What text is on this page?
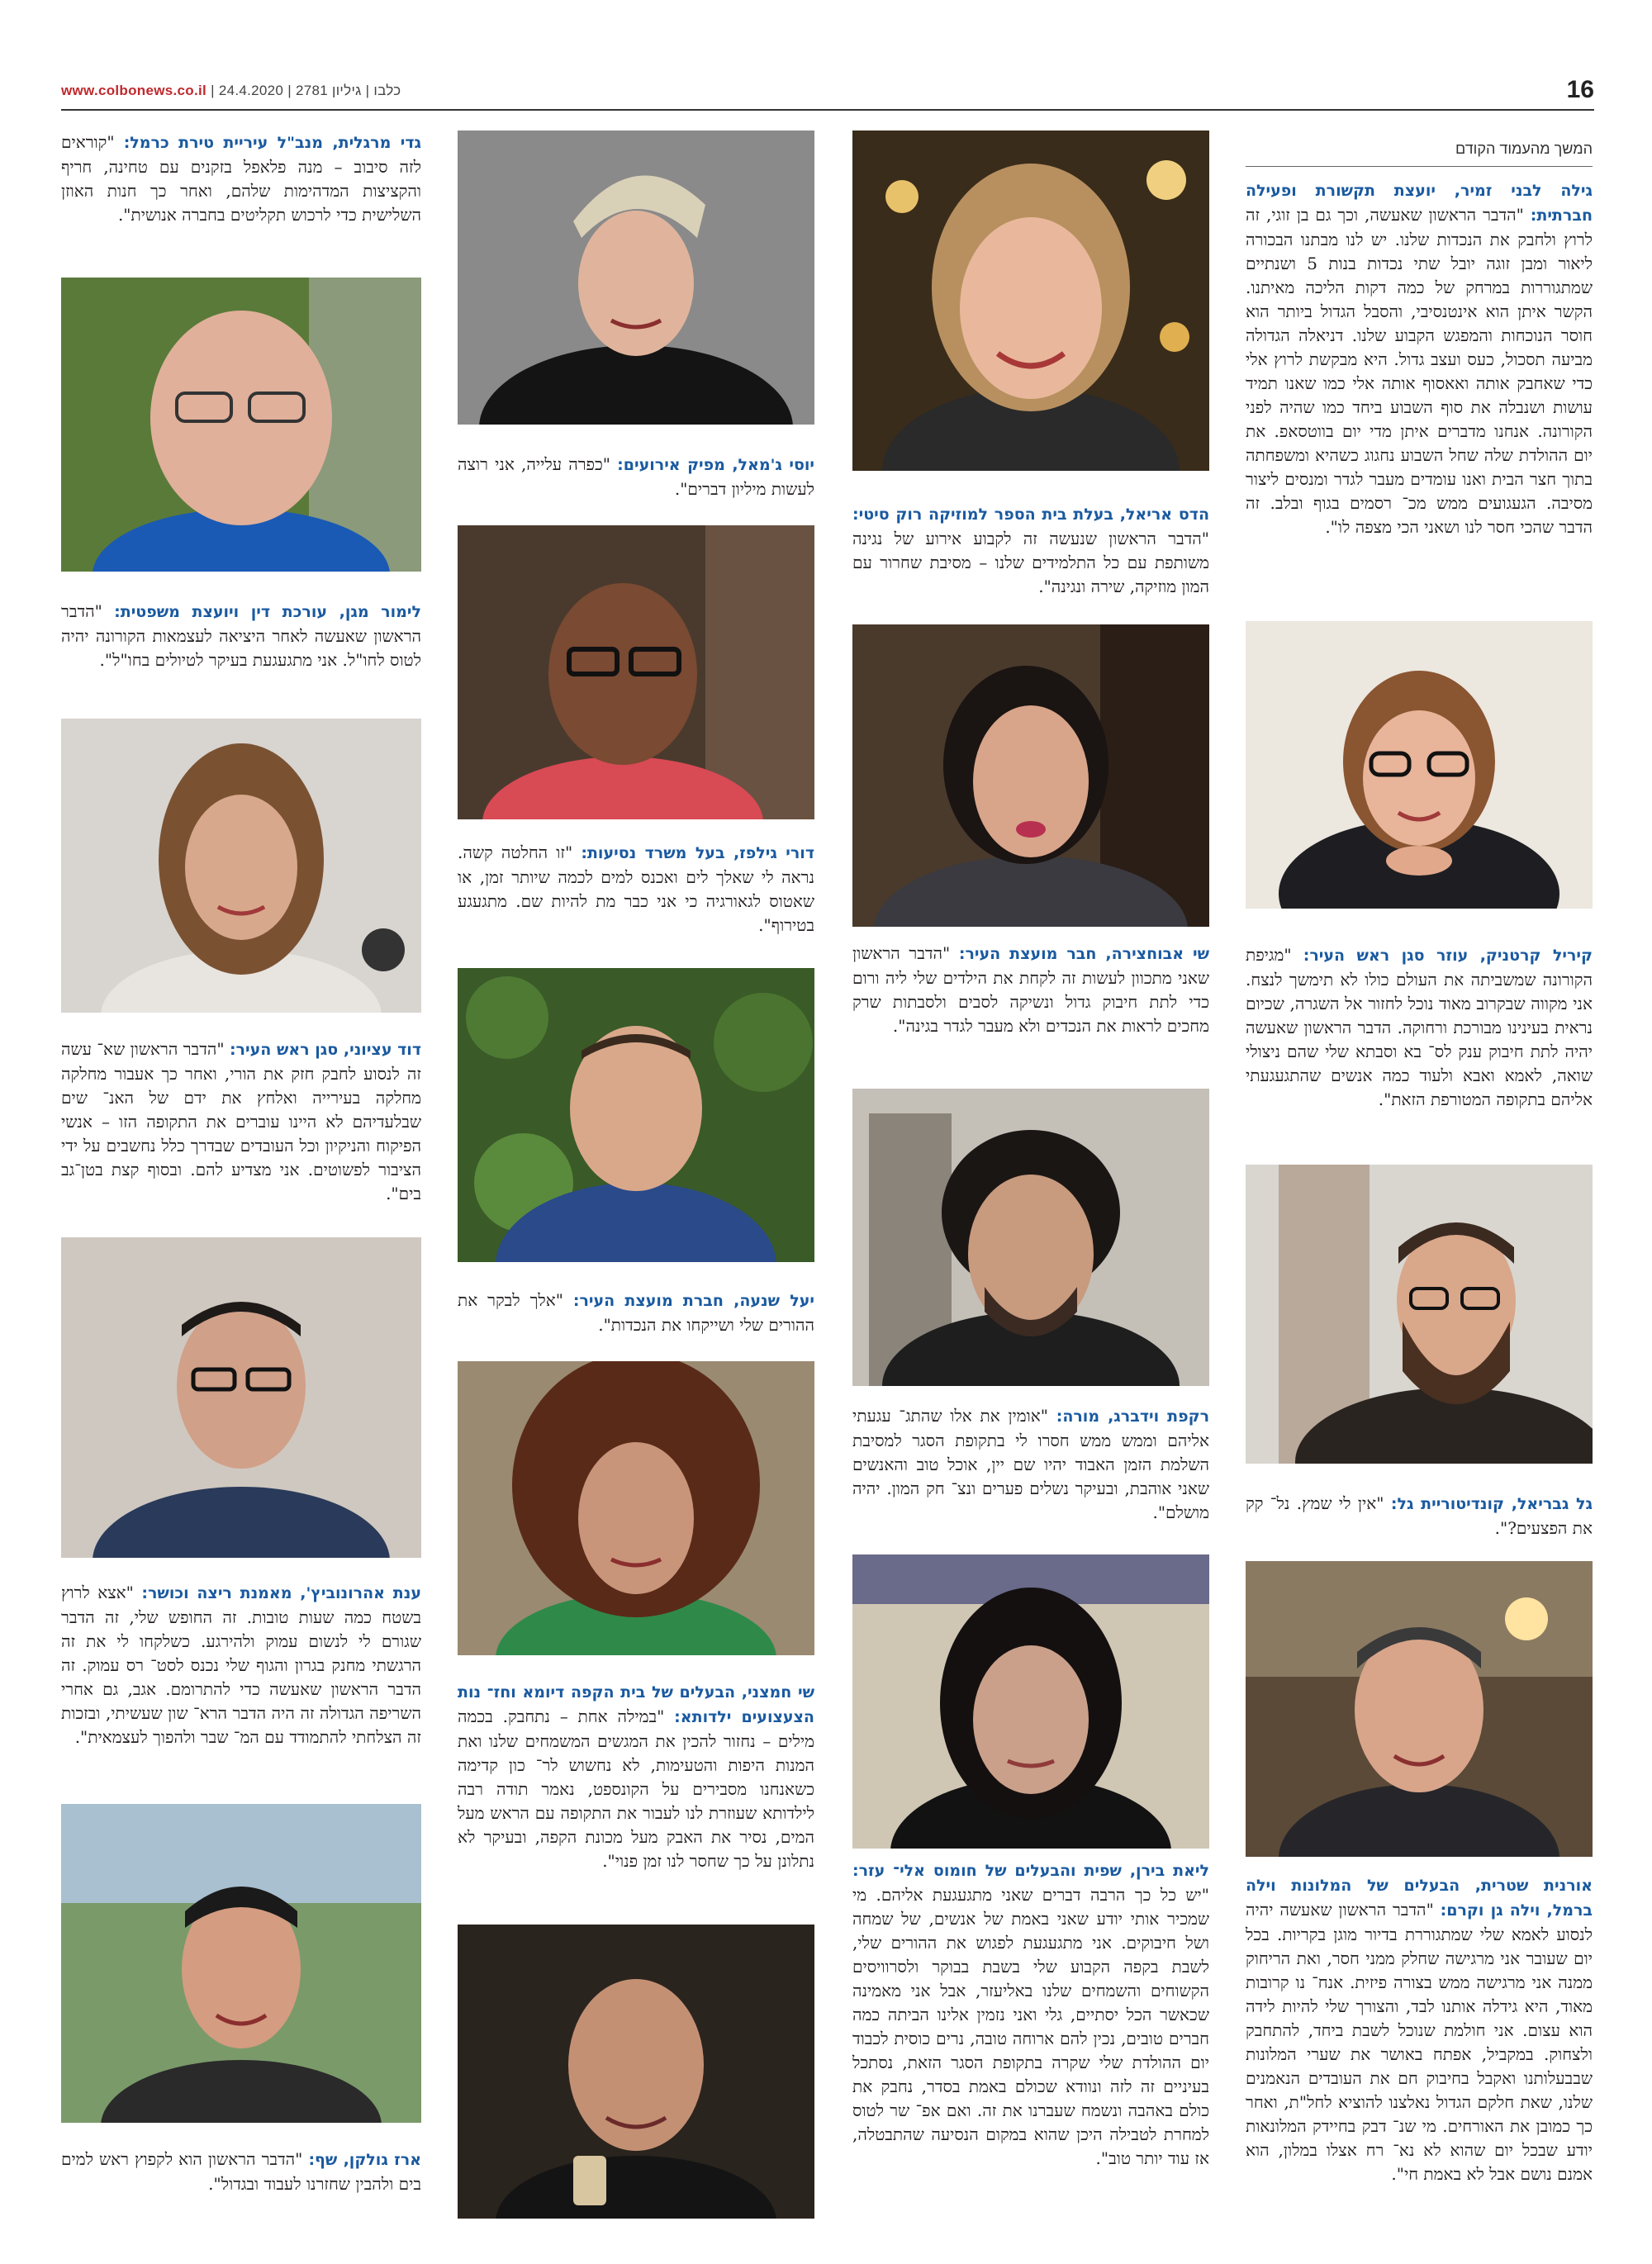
www.colbonews.co.il | כלבו | גיליון 2781 | 24.4.2020	16
המשך מהעמוד הקודם

גילה לבני זמיר, יועצת תקשורת ופעילה חברתית: "הדבר הראשון שאעשה, וכך גם בן זוגי, זה לרוץ ולחבק את הנכדות שלנו. יש לנו מבתנו הבכורה ליאור ומבן זוגה יובל שתי נכדות בנות 5 ושנתיים שמתגוררות במרחק של כמה דקות הליכה מאיתנו. הקשר איתן הוא אינטנסיבי, והסבל הגדול ביותר הוא חוסר הנוכחות והמפגש הקבוע שלנו. דניאלה הגדולה מביעה תסכול, כעס ועצב גדול. היא מבקשת לרוץ אלי כדי שאחבק אותה ואאסוף אותה אלי כמו שאנו תמיד עושות ושנבלה את סוף השבוע ביחד כמו שהיה לפני הקורונה. אנחנו מדברים איתן מדי יום בווטסאפ. את יום ההולדת שלה שחל השבוע נחגוג כשהיא ומשפחתה בתוך חצר הבית ואנו עומדים מעבר לגדר ומנסים ליצור מסיבה. הגעגועים ממש מכ־ רסמים בגוף ובלב. זה הדבר שהכי חסר לנו ושאני הכי מצפה לו".

קיריל קרטניק, עוזר סגן ראש העיר: "מגיפת הקורונה שמשביתה את העולם כולו לא תימשך לנצח. אני מקווה שבקרוב מאוד נוכל לחזור אל השגרה, שכיום נראית בעינינו מבורכת ורחוקה. הדבר הראשון שאעשה יהיה לתת חיבוק ענק לס־ בא וסבתא שלי שהם ניצולי שואה, לאמא ואבא ולעוד כמה אנשים שהתגעגעתי אליהם בתקופה המטורפת הזאת".

גל גבריאל, קונדיטוריית גל: "אין לי שמץ. נל־ קק את הפצעים?".

אורנית שטרית, הבעלים של המלונות וילה ברמל, וילה גן וקרם: "הדבר הראשון שאעשה יהיה לנסוע לאמא שלי שמתגוררת בדיור מוגן בקריות. בכל יום שעובר אני מרגישה שחלק ממני חסר, ואת הריחוק ממנה אני מרגישה ממש בצורה פיזית. אנח־ נו קרובות מאוד, היא גידלה אותנו לבד, והצורך שלי להיות לידה הוא עצום. אני חולמת שנוכל לשבת ביחד, להתחבק ולצחוק. במקביל, אפתח באושר את שערי המלונות שבבעלותנו ואקבל בחיבוק חם את העובדים הנאמנים שלנו, שאת חלקם הגדול נאלצנו להוציא לחל"ת, ואחר כך כמובן את האורחים. מי שנ־ דבק בחיידק המלונאות יודע שבכל יום שהוא לא נא־ רח אצלו במלון, הוא אמנם נושם אבל לא באמת חי".

הדס אריאל, בעלת בית הספר למוזיקה רוק סיטי: "הדבר הראשון שנעשה זה לקבוע אירוע של נגינה משותפת עם כל התלמידים שלנו – מסיבת שחרור עם המון מוזיקה, שירה ונגינה".

שי אבוחצירה, חבר מועצת העיר: "הדבר הראשון שאני מתכוון לעשות זה לקחת את הילדים שלי ליה ורום כדי לתת חיבוק גדול ונשיקה לסבים ולסבתות שרק מחכים לראות את הנכדים ולא מעבר לגדר בגינה".

רקפת וידברג, מורה: "אומין את אלו שהתג־ עגעתי אליהם וממש ממש חסרו לי בתקופת הסגר למסיבת השלמת הזמן האבוד יהיו שם יין, אוכל טוב והאנשים שאני אוהבת, ובעיקר נשלים פערים ונצ־ חק המון. יהיה מושלם".

ליאת בירן, שפית והבעלים של חומוס אלי־ עזר: "יש כל כך הרבה דברים שאני מתגעגעת אליהם. מי שמכיר אותי יודע שאני באמת של אנשים, של שמחה ושל חיבוקים. אני מתגעגעת לפגוש את ההורים שלי, לשבת בקפה הקבוע שלי בשבת בבוקר ולסרוויסים הקשוחים והשמחים שלנו באליעזר, אבל אני מאמינה שכאשר הכל יסתיים, גלי ואני נזמין אלינו הביתה כמה חברים טובים, נכין להם ארוחה טובה, נרים כוסית לכבוד יום ההולדת שלי שקרה בתקופת הסגר הזאת, נסתכל בעיניים זה לזה ונוודא שכולם באמת בסדר, נחבק את כולם באהבה ונשמח שעברנו את זה. ואם אפ־ שר לטוס למחרת לטבילה היכן שהוא במקום הנסיעה שהתבטלה, אז עוד יותר טוב".

יוסי ג'מאל, מפיק אירועים: "כפרה עלייה, אני רוצה לעשות מיליון דברים".

דורי גילפז, בעל משרד נסיעות: "זו החלטה קשה. נראה לי שאלך לים ואכנס למים לכמה שיותר זמן, או שאטוס לגאורגיה כי אני כבר מת להיות שם. מתגעגע בטירוף".

יעל שנעה, חברת מועצת העיר: "אלך לבקר את ההורים שלי ושייקחו את הנכדות".

שי חמצני, הבעלים של בית הקפה דיומא וחז־ נות הצעצועים ילדותא: "במילה אחת – נתחבק. בכמה מילים – נחזור להכין את המגשים המשמחים שלנו ואת המנות היפות והטעימות, לא נחשוש לר־ כון קדימה כשאנחנו מסבירים על הקונספט, נאמר תודה רבה לילדותא שעוזרת לנו לעבור את התקופה עם הראש מעל המים, נסיר את האבק מעל מכונת הקפה, ובעיקר לא נתלונן על כך שחסר לנו זמן פנוי".

גדי מרגלית, מנב"ל עיריית טירת כרמל: "קוראים לזה סיבוב – מנה פלאפל בזקנים עם טחינה, חריף והקציצות המדהימות שלהם, ואחר כך חנות האוזן השלישית כדי לרכוש תקליטים בחברה אנושית".

לימור מגן, עורכת דין ויועצת משפטית: "הדבר הראשון שאעשה לאחר היציאה לעצמאות הקורונה יהיה לטוס לחו"ל. אני מתגעגעת בעיקר לטיולים בחו"ל".

דוד עציוני, סגן ראש העיר: "הדבר הראשון שא־ עשה זה לנסוע לחבק חזק את הורי, ואחר כך אעבור מחלקה מחלקה בעירייה ואלחץ את ידם של האנ־ שים שבלעדיהם לא היינו עוברים את התקופה הזו – אנשי הפיקוח והניקיון וכל העובדים שבדרך כלל נחשבים על ידי הציבור לפשוטים. אני מצדיע להם. ובסוף קצת בטן־גב בים".

ענת אהרונוביץ', מאמנת ריצה וכושר: "אצא לרוץ בשטח כמה שעות טובות. זה החופש שלי, זה הדבר שגורם לי לנשום עמוק ולהירגע. כשלקחו לי את זה הרגשתי מחנק בגרון והגוף שלי נכנס לסט־ רס עמוק. זה הדבר הראשון שאעשה כדי להתרומם. אגב, גם אחרי השריפה הגדולה זה היה הדבר הרא־ שון שעשיתי, ובזכות זה הצלחתי להתמודד עם המ־ שבר ולהפוך לעצמאית".

ארז גולקן, שף: "הדבר הראשון הוא לקפוץ ראש למים בים ולהבין שחזרנו לעבוד ובגדול".
